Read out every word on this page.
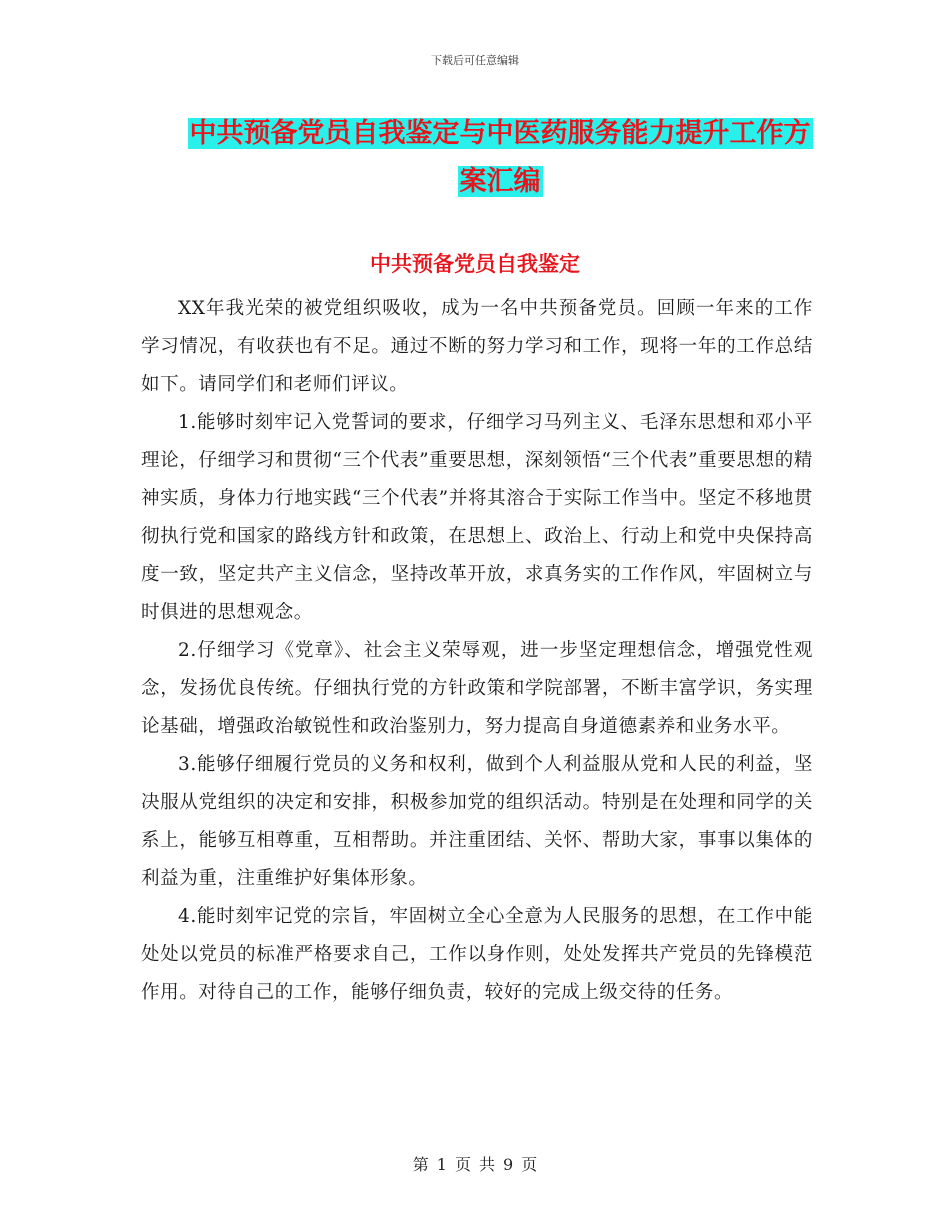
下载后可任意编辑
中共预备党员自我鉴定与中医药服务能力提升工作方
案汇编
中共预备党员自我鉴定

XX年我光荣的被党组织吸收，成为一名中共预备党员。回顾一年来的工作学习情况，有收获也有不足。通过不断的努力学习和工作，现将一年的工作总结如下。请同学们和老师们评议。

1.能够时刻牢记入党誓词的要求，仔细学习马列主义、毛泽东思想和邓小平理论，仔细学习和贯彻“三个代表”重要思想，深刻领悟“三个代表”重要思想的精神实质，身体力行地实践“三个代表”并将其溶合于实际工作当中。坚定不移地贯彻执行党和国家的路线方针和政策，在思想上、政治上、行动上和党中央保持高度一致，坚定共产主义信念，坚持改革开放，求真务实的工作作风，牢固树立与时俱进的思想观念。

2.仔细学习《党章》、社会主义荣辱观，进一步坚定理想信念，增强党性观念，发扬优良传统。仔细执行党的方针政策和学院部署，不断丰富学识，务实理论基础，增强政治敏锐性和政治鉴别力，努力提高自身道德素养和业务水平。

3.能够仔细履行党员的义务和权利，做到个人利益服从党和人民的利益，坚决服从党组织的决定和安排，积极参加党的组织活动。特别是在处理和同学的关系上，能够互相尊重，互相帮助。并注重团结、关怀、帮助大家，事事以集体的利益为重，注重维护好集体形象。

4.能时刻牢记党的宗旨，牢固树立全心全意为人民服务的思想，在工作中能处处以党员的标准严格要求自己，工作以身作则，处处发挥共产党员的先锋模范作用。对待自己的工作，能够仔细负责，较好的完成上级交待的任务。

第 1 页 共 9 页
